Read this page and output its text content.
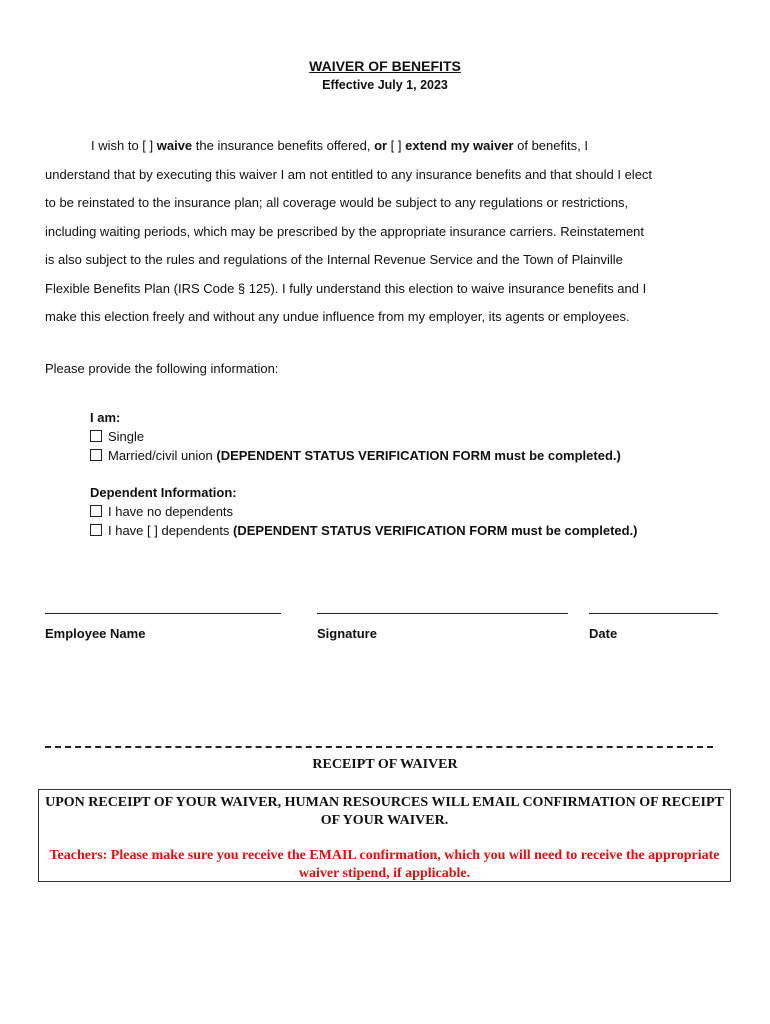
WAIVER OF BENEFITS
Effective July 1, 2023

I wish to [ ] waive the insurance benefits offered, or [ ] extend my waiver of benefits, I

understand that by executing this waiver I am not entitled to any insurance benefits and that should I elect

to be reinstated to the insurance plan; all coverage would be subject to any regulations or restrictions,

including waiting periods, which may be prescribed by the appropriate insurance carriers. Reinstatement

is also subject to the rules and regulations of the Internal Revenue Service and the Town of Plainville

Flexible Benefits Plan (IRS Code § 125). I fully understand this election to waive insurance benefits and I

make this election freely and without any undue influence from my employer, its agents or employees.

Please provide the following information:
I am:
Single
Married/civil union (DEPENDENT STATUS VERIFICATION FORM must be completed.)
Dependent Information:
I have no dependents
I have [ ] dependents (DEPENDENT STATUS VERIFICATION FORM must be completed.)
Employee Name	Signature	Date
RECEIPT OF WAIVER
UPON RECEIPT OF YOUR WAIVER, HUMAN RESOURCES WILL EMAIL CONFIRMATION OF RECEIPT OF YOUR WAIVER.
Teachers: Please make sure you receive the EMAIL confirmation, which you will need to receive the appropriate waiver stipend, if applicable.
